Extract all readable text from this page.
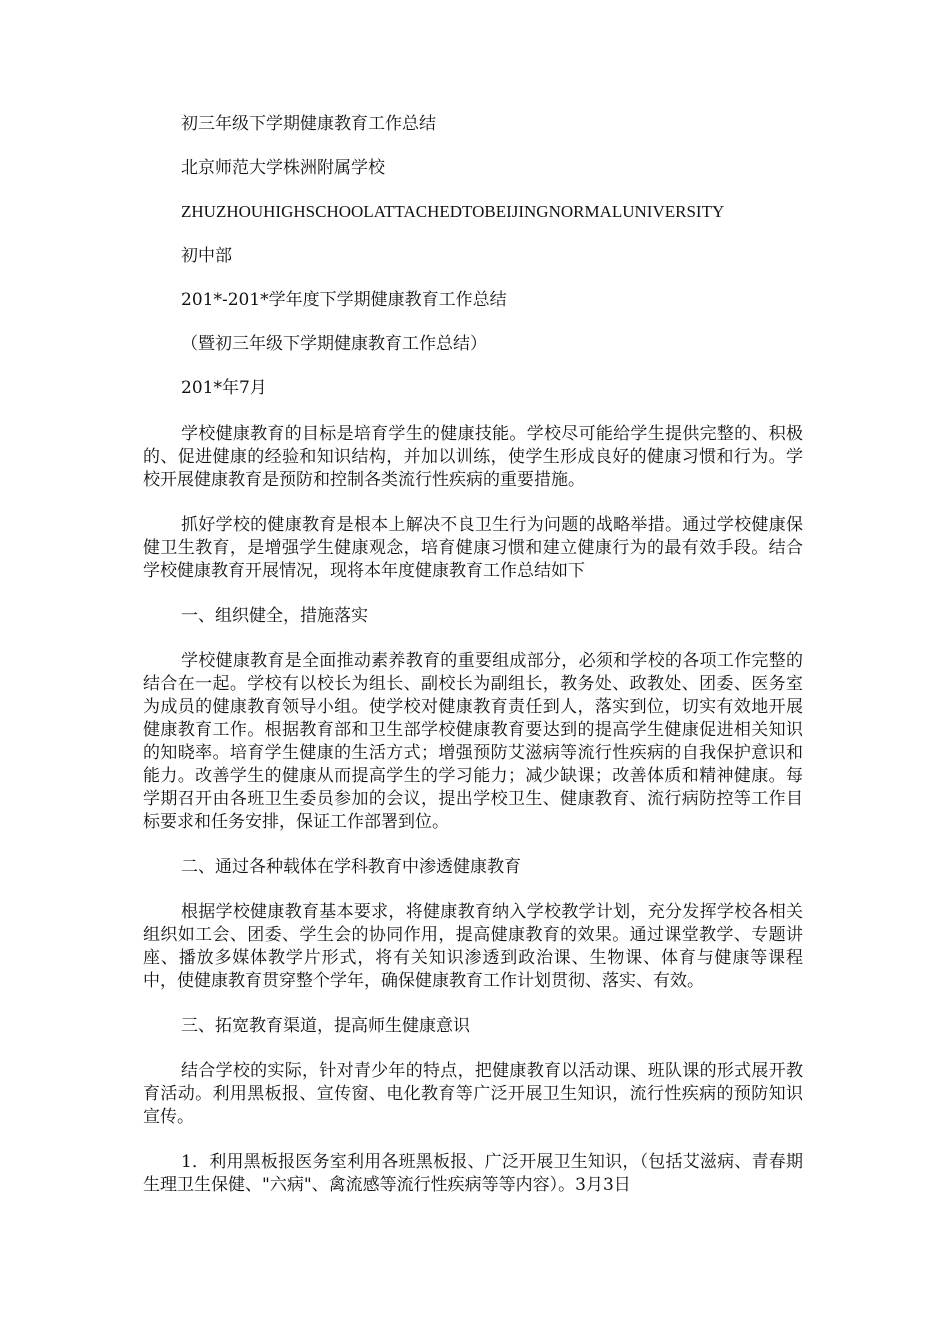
初三年级下学期健康教育工作总结

北京师范大学株洲附属学校

ZHUZHOUHIGHSCHOOLATTACHEDTOBEIJINGNORMALUNIVERSITY

初中部

201*-201*学年度下学期健康教育工作总结

（暨初三年级下学期健康教育工作总结）

201*年7月

学校健康教育的目标是培育学生的健康技能。学校尽可能给学生提供完整的、积极的、促进健康的经验和知识结构，并加以训练，使学生形成良好的健康习惯和行为。学校开展健康教育是预防和控制各类流行性疾病的重要措施。

抓好学校的健康教育是根本上解决不良卫生行为问题的战略举措。通过学校健康保健卫生教育，是增强学生健康观念，培育健康习惯和建立健康行为的最有效手段。结合学校健康教育开展情况，现将本年度健康教育工作总结如下

一、组织健全，措施落实

学校健康教育是全面推动素养教育的重要组成部分，必须和学校的各项工作完整的结合在一起。学校有以校长为组长、副校长为副组长，教务处、政教处、团委、医务室为成员的健康教育领导小组。使学校对健康教育责任到人，落实到位，切实有效地开展健康教育工作。根据教育部和卫生部学校健康教育要达到的提高学生健康促进相关知识的知晓率。培育学生健康的生活方式；增强预防艾滋病等流行性疾病的自我保护意识和能力。改善学生的健康从而提高学生的学习能力；减少缺课；改善体质和精神健康。每学期召开由各班卫生委员参加的会议，提出学校卫生、健康教育、流行病防控等工作目标要求和任务安排，保证工作部署到位。

二、通过各种载体在学科教育中渗透健康教育

根据学校健康教育基本要求，将健康教育纳入学校教学计划，充分发挥学校各相关组织如工会、团委、学生会的协同作用，提高健康教育的效果。通过课堂教学、专题讲座、播放多媒体教学片形式，将有关知识渗透到政治课、生物课、体育与健康等课程中，使健康教育贯穿整个学年，确保健康教育工作计划贯彻、落实、有效。

三、拓宽教育渠道，提高师生健康意识

结合学校的实际，针对青少年的特点，把健康教育以活动课、班队课的形式展开教育活动。利用黑板报、宣传窗、电化教育等广泛开展卫生知识，流行性疾病的预防知识宣传。

1．利用黑板报医务室利用各班黑板报、广泛开展卫生知识，（包括艾滋病、青春期生理卫生保健、"六病"、禽流感等流行性疾病等等内容）。3月3日
